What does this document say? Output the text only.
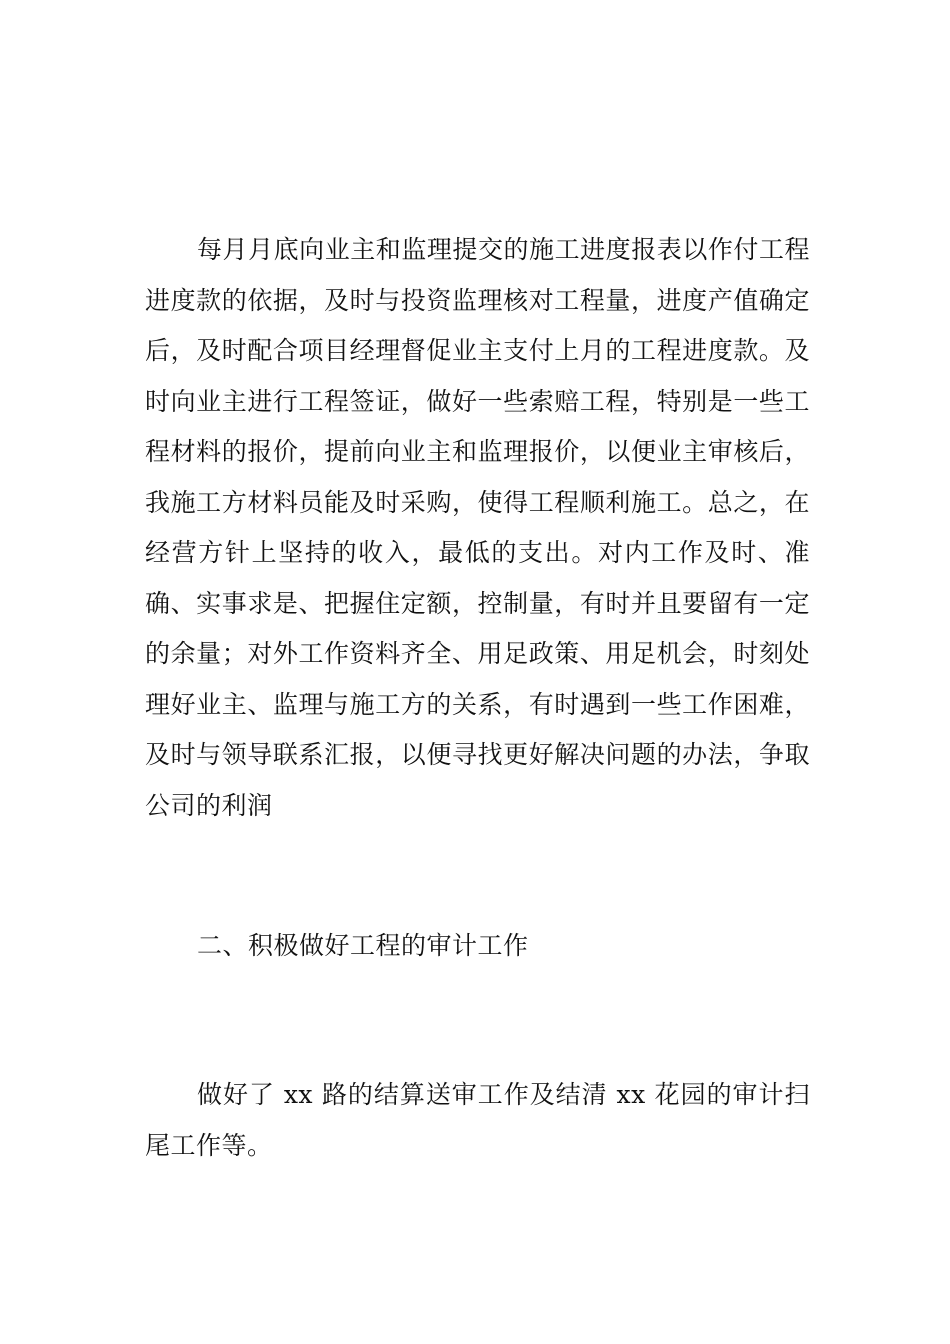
每月月底向业主和监理提交的施工进度报表以作付工程进度款的依据，及时与投资监理核对工程量，进度产值确定后，及时配合项目经理督促业主支付上月的工程进度款。及时向业主进行工程签证，做好一些索赔工程，特别是一些工程材料的报价，提前向业主和监理报价，以便业主审核后，我施工方材料员能及时采购，使得工程顺利施工。总之，在经营方针上坚持的收入，最低的支出。对内工作及时、准确、实事求是、把握住定额，控制量，有时并且要留有一定的余量；对外工作资料齐全、用足政策、用足机会，时刻处理好业主、监理与施工方的关系，有时遇到一些工作困难，及时与领导联系汇报，以便寻找更好解决问题的办法，争取公司的利润

二、积极做好工程的审计工作

做好了 xx 路的结算送审工作及结清 xx 花园的审计扫尾工作等。
